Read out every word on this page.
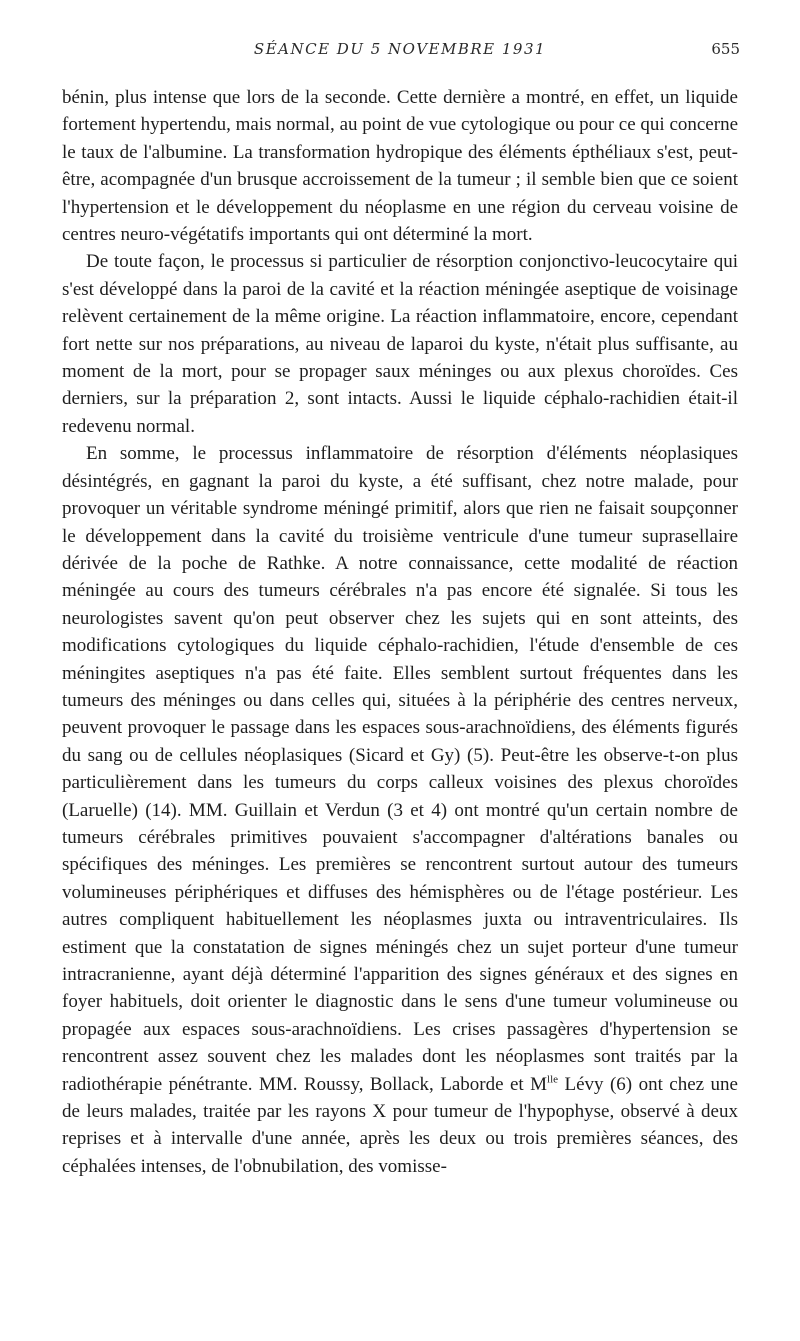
SÉANCE DU 5 NOVEMBRE 1931	655

bénin, plus intense que lors de la seconde. Cette dernière a montré, en effet, un liquide fortement hypertendu, mais normal, au point de vue cytologique ou pour ce qui concerne le taux de l'albumine. La transformation hydropique des éléments épthéliaux s'est, peut-être, acompagnée d'un brusque accroissement de la tumeur ; il semble bien que ce soient l'hypertension et le développement du néoplasme en une région du cerveau voisine de centres neuro-végétatifs importants qui ont déterminé la mort.

De toute façon, le processus si particulier de résorption conjonctivo-leucocytaire qui s'est développé dans la paroi de la cavité et la réaction méningée aseptique de voisinage relèvent certainement de la même origine. La réaction inflammatoire, encore, cependant fort nette sur nos préparations, au niveau de laparoi du kyste, n'était plus suffisante, au moment de la mort, pour se propager saux méninges ou aux plexus choroïdes. Ces derniers, sur la préparation 2, sont intacts. Aussi le liquide céphalo-rachidien était-il redevenu normal.

En somme, le processus inflammatoire de résorption d'éléments néoplasiques désintégrés, en gagnant la paroi du kyste, a été suffisant, chez notre malade, pour provoquer un véritable syndrome méningé primitif, alors que rien ne faisait soupçonner le développement dans la cavité du troisième ventricule d'une tumeur suprasellaire dérivée de la poche de Rathke. A notre connaissance, cette modalité de réaction méningée au cours des tumeurs cérébrales n'a pas encore été signalée. Si tous les neurologistes savent qu'on peut observer chez les sujets qui en sont atteints, des modifications cytologiques du liquide céphalo-rachidien, l'étude d'ensemble de ces méningites aseptiques n'a pas été faite. Elles semblent surtout fréquentes dans les tumeurs des méninges ou dans celles qui, situées à la périphérie des centres nerveux, peuvent provoquer le passage dans les espaces sous-arachnoïdiens, des éléments figurés du sang ou de cellules néoplasiques (Sicard et Gy) (5). Peut-être les observe-t-on plus particulièrement dans les tumeurs du corps calleux voisines des plexus choroïdes (Laruelle) (14). MM. Guillain et Verdun (3 et 4) ont montré qu'un certain nombre de tumeurs cérébrales primitives pouvaient s'accompagner d'altérations banales ou spécifiques des méninges. Les premières se rencontrent surtout autour des tumeurs volumineuses périphériques et diffuses des hémisphères ou de l'étage postérieur. Les autres compliquent habituellement les néoplasmes juxta ou intraventriculaires. Ils estiment que la constatation de signes méningés chez un sujet porteur d'une tumeur intracranienne, ayant déjà déterminé l'apparition des signes généraux et des signes en foyer habituels, doit orienter le diagnostic dans le sens d'une tumeur volumineuse ou propagée aux espaces sous-arachnoïdiens. Les crises passagères d'hypertension se rencontrent assez souvent chez les malades dont les néoplasmes sont traités par la radiothérapie pénétrante. MM. Roussy, Bollack, Laborde et $M^{lle}$ Lévy (6) ont chez une de leurs malades, traitée par les rayons X pour tumeur de l'hypophyse, observé à deux reprises et à intervalle d'une année, après les deux ou trois premières séances, des céphalées intenses, de l'obnubilation, des vomisse-
